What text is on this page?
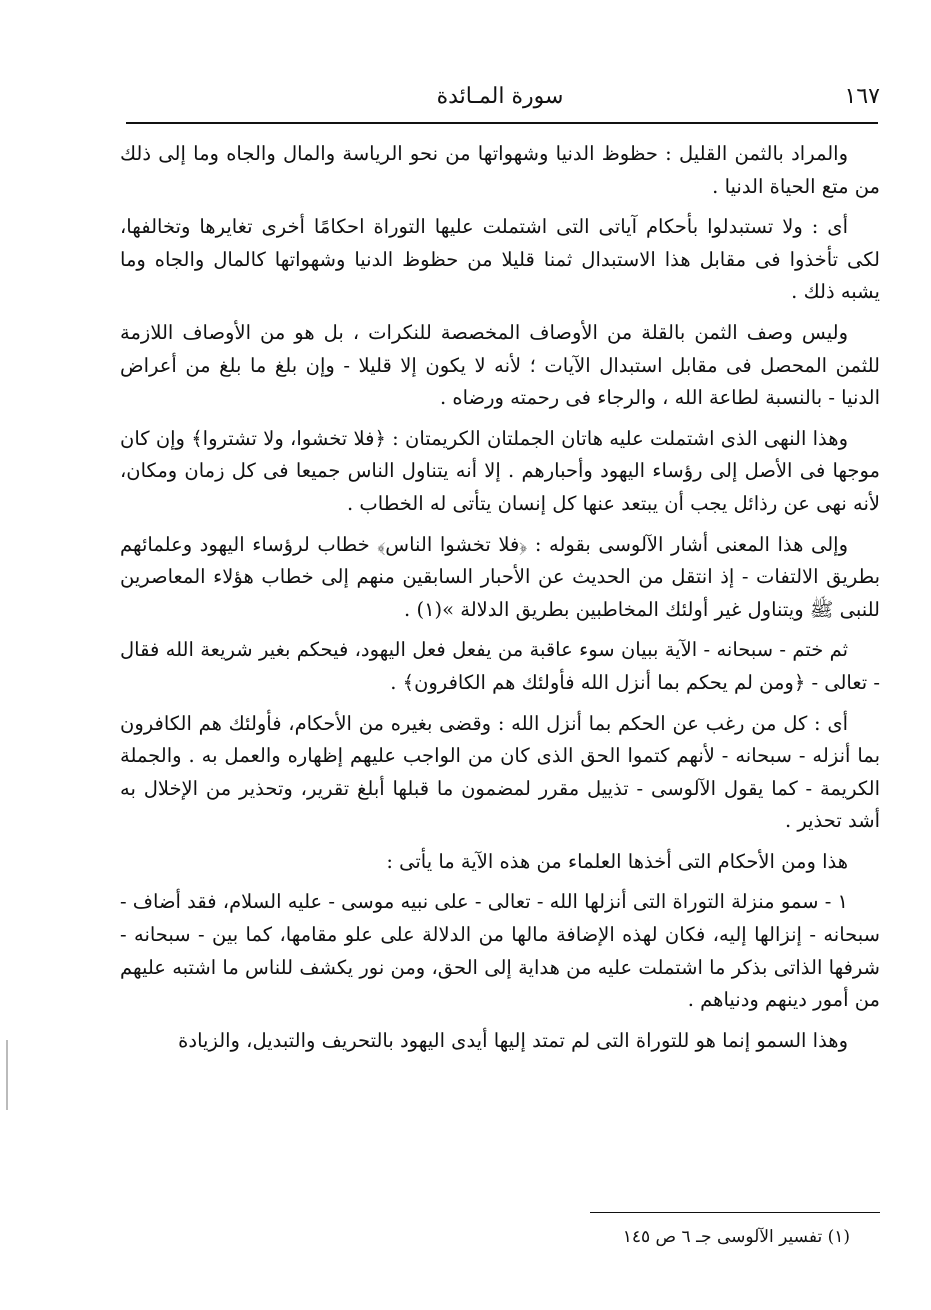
١٦٧
سورة المـائدة

والمراد بالثمن القليل : حظوظ الدنيا وشهواتها من نحو الرياسة والمال والجاه وما إلى ذلك من متع الحياة الدنيا .

أى : ولا تستبدلوا بأحكام آياتى التى اشتملت عليها التوراة احكامًا أخرى تغايرها وتخالفها، لكى تأخذوا فى مقابل هذا الاستبدال ثمنا قليلا من حظوظ الدنيا وشهواتها كالمال والجاه وما يشبه ذلك .

وليس وصف الثمن بالقلة من الأوصاف المخصصة للنكرات ، بل هو من الأوصاف اللازمة للثمن المحصل فى مقابل استبدال الآيات ؛ لأنه لا يكون إلا قليلا - وإن بلغ ما بلغ من أعراض الدنيا - بالنسبة لطاعة الله ، والرجاء فى رحمته ورضاه .

وهذا النهى الذى اشتملت عليه هاتان الجملتان الكريمتان : ﴿فلا تخشوا، ولا تشتروا﴾ وإن كان موجها فى الأصل إلى رؤساء اليهود وأحبارهم . إلا أنه يتناول الناس جميعا فى كل زمان ومكان، لأنه نهى عن رذائل يجب أن يبتعد عنها كل إنسان يتأتى له الخطاب .

وإلى هذا المعنى أشار الآلوسى بقوله : ﴿فلا تخشوا الناس﴾ خطاب لرؤساء اليهود وعلمائهم بطريق الالتفات - إذ انتقل من الحديث عن الأحبار السابقين منهم إلى خطاب هؤلاء المعاصرين للنبى ﷺ ويتناول غير أولئك المخاطبين بطريق الدلالة »(١) .

ثم ختم - سبحانه - الآية ببيان سوء عاقبة من يفعل فعل اليهود، فيحكم بغير شريعة الله فقال - تعالى - ﴿ومن لم يحكم بما أنزل الله فأولئك هم الكافرون﴾ .

أى : كل من رغب عن الحكم بما أنزل الله : وقضى بغيره من الأحكام، فأولئك هم الكافرون بما أنزله - سبحانه - لأنهم كتموا الحق الذى كان من الواجب عليهم إظهاره والعمل به . والجملة الكريمة - كما يقول الآلوسى - تذييل مقرر لمضمون ما قبلها أبلغ تقرير، وتحذير من الإخلال به أشد تحذير .

هذا ومن الأحكام التى أخذها العلماء من هذه الآية ما يأتى :

١ - سمو منزلة التوراة التى أنزلها الله - تعالى - على نبيه موسى - عليه السلام، فقد أضاف - سبحانه - إنزالها إليه، فكان لهذه الإضافة مالها من الدلالة على علو مقامها، كما بين - سبحانه - شرفها الذاتى بذكر ما اشتملت عليه من هداية إلى الحق، ومن نور يكشف للناس ما اشتبه عليهم من أمور دينهم ودنياهم .

وهذا السمو إنما هو للتوراة التى لم تمتد إليها أيدى اليهود بالتحريف والتبديل، والزيادة

(١) تفسير الآلوسى جـ ٦ ص ١٤٥
